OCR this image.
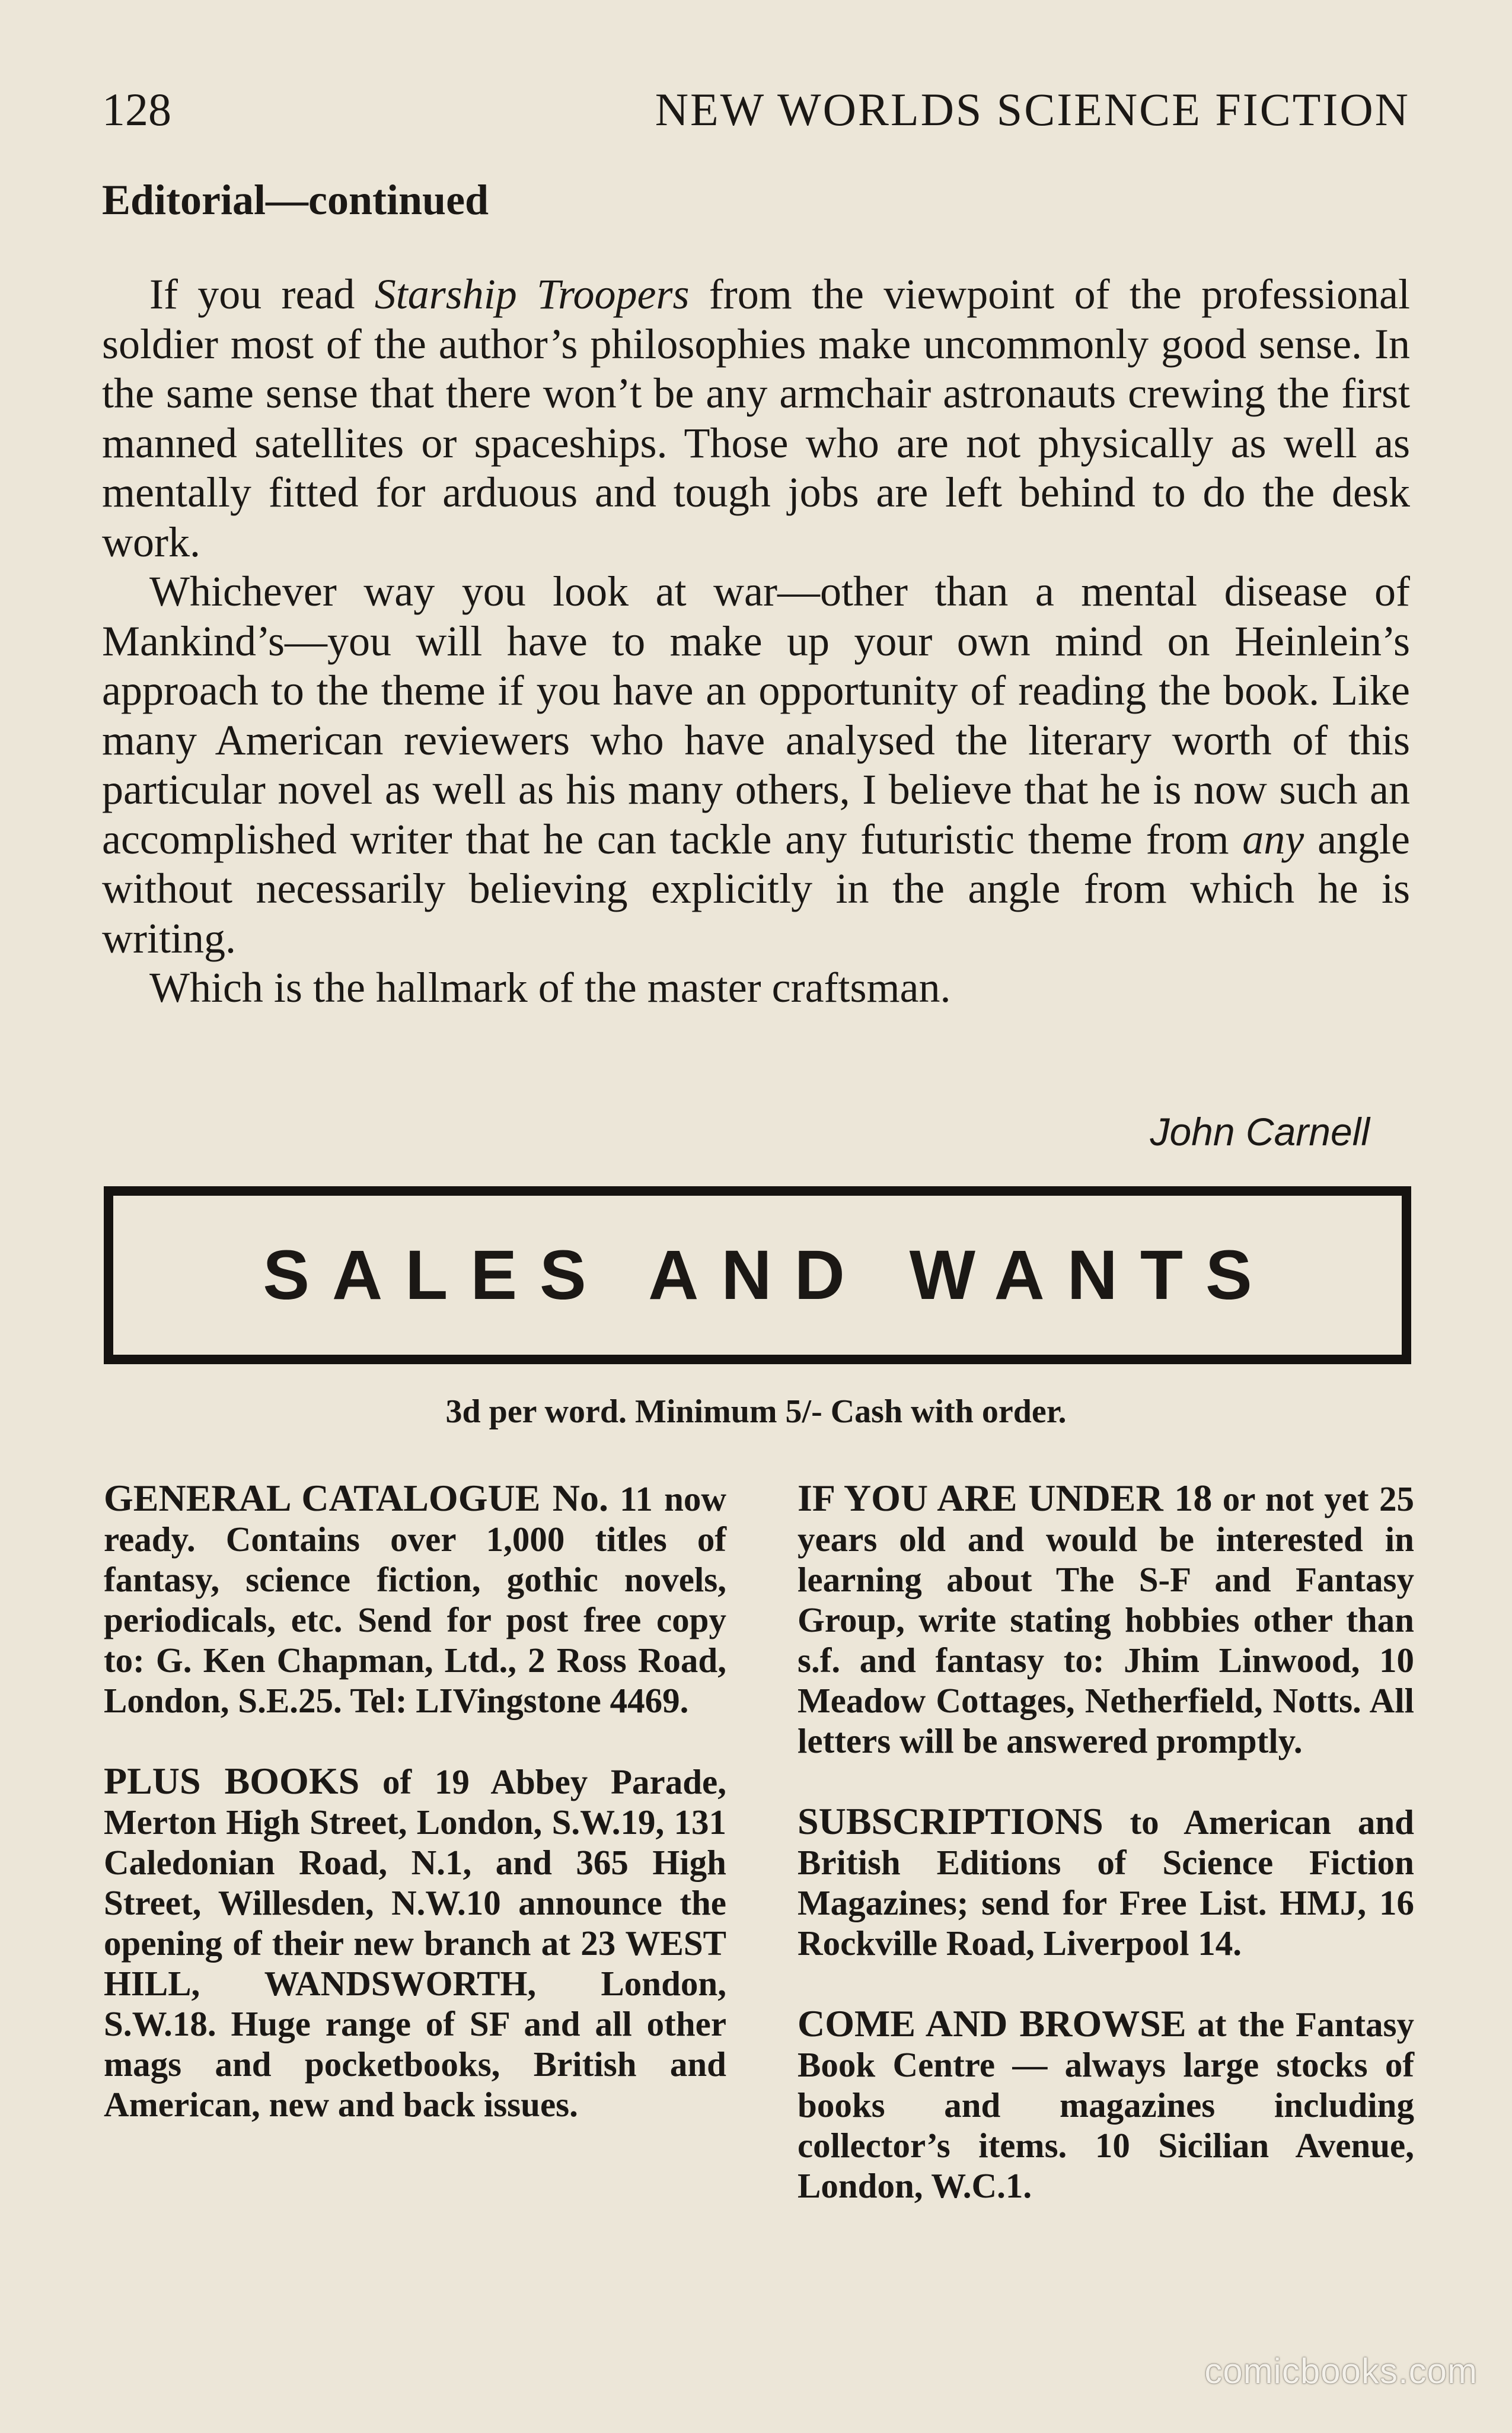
128	NEW WORLDS SCIENCE FICTION
Editorial—continued

If you read Starship Troopers from the viewpoint of the professional soldier most of the author’s philosophies make uncommonly good sense. In the same sense that there won’t be any armchair astronauts crewing the first manned satellites or spaceships. Those who are not physically as well as mentally fitted for arduous and tough jobs are left behind to do the desk work.

Whichever way you look at war—other than a mental disease of Mankind’s—you will have to make up your own mind on Heinlein’s approach to the theme if you have an opportunity of reading the book. Like many American reviewers who have analysed the literary worth of this particular novel as well as his many others, I believe that he is now such an accomplished writer that he can tackle any futuristic theme from any angle without necessarily believing explicitly in the angle from which he is writing.

Which is the hallmark of the master craftsman.

John Carnell
SALES AND WANTS
3d per word. Minimum 5/- Cash with order.

GENERAL CATALOGUE No. 11 now ready. Contains over 1,000 titles of fantasy, science fiction, gothic novels, periodicals, etc. Send for post free copy to: G. Ken Chapman, Ltd., 2 Ross Road, London, S.E.25. Tel: LIVingstone 4469.

PLUS BOOKS of 19 Abbey Parade, Merton High Street, London, S.W.19, 131 Caledonian Road, N.1, and 365 High Street, Willesden, N.W.10 announce the opening of their new branch at 23 WEST HILL, WANDSWORTH, London, S.W.18. Huge range of SF and all other mags and pocketbooks, British and American, new and back issues.

IF YOU ARE UNDER 18 or not yet 25 years old and would be interested in learning about The S-F and Fantasy Group, write stating hobbies other than s.f. and fantasy to: Jhim Linwood, 10 Meadow Cottages, Netherfield, Notts. All letters will be answered promptly.

SUBSCRIPTIONS to American and British Editions of Science Fiction Magazines; send for Free List. HMJ, 16 Rockville Road, Liverpool 14.

COME AND BROWSE at the Fantasy Book Centre — always large stocks of books and magazines including collector’s items. 10 Sicilian Avenue, London, W.C.1.

comicbooks.com
